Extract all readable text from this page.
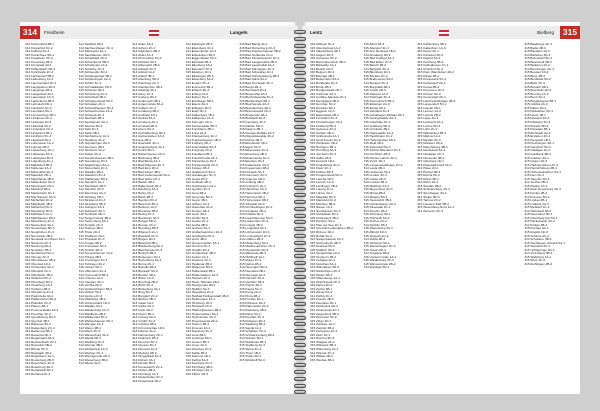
314	Friedheim	Langeln
314 Kirchenfeld 3B-1
314 Klosterhof 4C-2
314 Kolberg 2A-3
315 Kranichsee 5D-1
314 Krautheim 3C-4
314 Kreuzweg 2B-2
314 Kronstadt 4A-1
315 Kühlenbach 3D-3
314 Kuhnheide 2C-4
314 Lachendorf 5B-2
314 Ladenberg 1A-3
314 Lammersfeld 3C-1
315 Landgraben 4D-2
314 Langenau 2B-4
314 Langenfeld 3A-1
314 Lauenstein 1C-3
314 Laufenberg 4B-2
315 Lehmkuhl 2D-1
314 Lehrbach 3C-3
314 Leimbach 5A-4
314 Lerchenberg 2B-1
314 Lichtenau 4C-2
315 Liebenau 1D-3
314 Lilienthal 3A-2
314 Lindenfels 2C-4
314 Lindenhof 4B-1
314 Lindholm 5C-3
315 Lippstadt 3D-2
314 Lobenstein 1A-4
314 Lohmar 2B-3
314 Löwenberg 4C-1
314 Lübbenau 3A-2
315 Ludwigsau 5D-4
314 Lütjenburg 2C-1
314 Mahlsdorf 3B-3
314 Marienau 1A-2
314 Marienthal 4C-4
315 Markdorf 2D-1
314 Marktheide 3B-2
314 Mattenbach 5A-3
314 Meerbusch 2C-1
314 Meisdorf 4B-4
315 Mellenbach 1D-2
314 Merzhausen 3A-3
314 Michelfeld 2C-2
314 Mittelbach 4B-1
314 Möllenhof 5C-4
315 Moosburg 3D-3
314 Mühlbach 1A-1
314 Mühlhausen 2B-4
314 Münchberg 4C-2
314 Nassenfels 3A-1
315 Neuenhaus 5D-3
314 Neukirchen 2C-2
314 Neumühle 3B-4
314 Neustadt am Rhein 1A-1
314 Niederau 4C-3
315 Nienburg 2D-2
314 Nordhorn 3B-1
314 Nordstrand 5A-4
314 Oberau 2C-3
314 Oberhausen 4B-2
315 Oberried 1D-1
314 Ochsenfurt 3A-4
314 Oderwitz 2C-1
314 Offenbach 4B-3
314 Oldenhof 5C-2
315 Ortenberg 3D-1
314 Osterburg 1A-3
314 Ostheim 2B-2
314 Ottersberg 4C-4
314 Paulinzella 3A-1
315 Pfaffenhofen 5D-2
314 Pfalzdorf 2C-3
314 Plauen 3B-1
314 Pommersfelde 1A-4
314 Prenzlau 4C-2
315 Quedlinburg 2D-3
314 Querfurt 3B-1
314 Rabenau 5A-2
314 Rastenberg 2C-4
314 Rathenow 4B-1
315 Rauental 1D-3
314 Regenstauf 3A-2
314 Reichenbach 2C-1
314 Reinsdorf 4B-4
314 Rhede 5C-3
315 Riedstadt 3D-2
314 Ringelheim 1A-1
314 Rodenberg 2B-3
314 Rosenheim 4C-2
314 Rotenburg 3A-4
315 Rudolstadt 5D-1
314 Ruhland 2C-3
314 Saalfeld 1B-2
314 Sachsenhagen 3C-4
314 Salzwedel 2A-1
315 Sandhausen 4D-3
314 Schafstädt 3C-2
314 Scharnhorst 5B-4
314 Schellerten 1A-1
314 Schierke 2C-3
315 Schkeuditz 4D-2
314 Schlangenbad 3B-1
314 Schleusingen 2A-4
314 Schlitz 4C-2
314 Schmalkalden 1B-3
315 Schönau 3D-1
314 Schönberg 2C-4
314 Schönfeld 4B-2
314 Schöppenstedt 5A-3
314 Schwaan 2C-1
315 Schwabhausen 3D-4
314 Schwarzenbek 1A-2
314 Schwedt 4C-3
314 Seebach 2B-1
314 Seehausen 3A-4
315 Seelow 5D-2
314 Selb 2C-3
314 Sellin 3B-1
314 Senftenberg 1A-4
314 Siegburg 4C-2
315 Sigmaringen 2D-3
314 Simmern 3B-1
314 Sinsheim 5A-2
314 Soltau 2C-4
314 Sondershausen 4B-1
315 Sonneberg 1D-3
314 Spaichingen 3A-2
314 Spremberg 2C-1
314 Stadtilm 4B-4
314 Stadtlohn 5C-3
315 Staffelstein 3D-2
314 Steinach 1A-1
314 Steinbach 2B-3
314 Steinfurt 4C-2
314 Sternberg 3A-4
315 Stolberg 5D-1
314 Stralsund 2C-3
314 Strasburg 3B-2
314 Sulingen 1A-3
314 Sulzbach 4C-1
315 Tambach 2D-4
314 Tangermünde 3B-2
314 Tannenberg 5A-1
314 Templin 2C-3
314 Teterow 4B-2
315 Thale 1D-4
314 Thalheim 3A-1
314 Tharandt 2C-3
314 Torgau 4B-2
314 Traunstein 5C-1
315 Treffurt 3D-4
314 Treuenbrietzen 1A-2
314 Triberg 2B-1
314 Trossingen 4C-3
314 Tübingen 3A-2
315 Uelzen 5D-1
314 Uffenheim 2C-4
314 Ummendorf 3B-2
314 Unterau 1A-3
314 Usedom 4C-1
315 Vechta 2D-4
314 Veitshöchheim 3B-2
314 Velbert 5A-1
314 Verden 2C-3
314 Vilsbiburg 4B-2
315 Vohenstrauß 1D-4
314 Waldau 3A-1
314 Waldenburg 2C-3
314 Waldheim 4B-2
314 Walkenried 5C-1
315 Waltershausen 3D-4
314 Wangen 1A-2
314 Waren 2B-1
314 Warin 4C-3
314 Wasserburg 3A-2
315 Weida 5D-1
314 Weilburg 2C-4
314 Weimar 3B-2
314 Weißenfels 1A-3
314 Werben 4C-1
315 Wernigerode 2D-4
314 Wesenberg 3B-2
314 Wiehe 5A-1
314 Aalen 3A-2
314 Achern 2C-1
314 Adelsheim 4B-3
314 Ahlen 1A-4
314 Ahrensburg 5C-2
315 Aichach 3D-1
314 Albersdorf 2B-3
314 Allstedt 4C-4
314 Alsfeld 1A-2
314 Altdorf 3B-1
315 Altenberg 5D-3
314 Altenburg 2C-2
314 Altenkirchen 4B-4
314 Altötting 3A-1
314 Alzey 1C-3
315 Amberg 2D-2
314 Andernach 3B-1
314 Angermünde 5A-4
314 Anklam 2C-3
314 Annaberg 4B-2
315 Ansbach 1D-1
314 Apolda 3A-4
314 Arnsberg 2C-1
314 Arnstadt 4B-3
314 Artern 5C-2
315 Aschaffenburg 3D-1
314 Aschersleben 1A-3
314 Aue 2B-2
314 Auerbach 4C-4
314 Augustusburg 3A-1
315 Aurich 5D-3
314 Babenhausen 2C-2
314 Backnang 3B-4
314 Bad Berka 1A-1
314 Bad Doberan 4C-3
315 Bad Ems 2D-2
314 Bad Kösen 3B-1
314 Bad Liebenwerda 5A-4
314 Bad Sülze 2C-3
314 Baden 4B-2
315 Ballenstedt 1D-1
314 Bamberg 3A-4
314 Barby 2C-1
314 Barth 4B-3
314 Bautzen 5C-2
315 Bayreuth 3D-1
314 Beckum 1A-3
314 Beeskow 2B-2
314 Belzig 4C-4
314 Bensheim 3A-1
315 Bergen 5D-3
314 Bernau 2C-2
314 Bernburg 3B-4
314 Biberach 1A-1
314 Bielefeld 4C-3
315 Bingen 2D-2
314 Bitterfeld 3B-1
314 Blankenburg 5A-4
314 Bleicherode 2C-3
314 Bocholt 4B-2
315 Bockenem 1D-1
314 Boizenburg 3A-4
314 Borna 2C-1
314 Brandis 4B-3
314 Breisach 5C-2
315 Bretten 3D-1
314 Brilon 1A-3
314 Bruchsal 2B-2
314 Brühl 4C-4
314 Bückeburg 3A-1
315 Burg 5D-3
314 Burgdorf 2C-2
314 Bützow 3B-4
314 Calau 1A-1
314 Calbe 4C-3
315 Celle 2D-2
314 Cham 3B-1
314 Coburg 5A-4
314 Colditz 2C-3
314 Cottbus 4B-2
315 Crimmitschau 1D-1
314 Dahme 3A-4
314 Dannenberg 2C-1
314 Delitzsch 4B-3
314 Demmin 5C-2
315 Dessau 3D-1
314 Detmold 1A-3
314 Dieburg 2B-2
314 Dingelstädt 4C-4
314 Döbeln 3A-1
315 Dömitz 5D-3
314 Donauwörth 2C-2
314 Dorfen 3B-4
314 Dornburg 1A-1
314 Dudenhofen 4C-3
315 Duderstadt 2D-2
314 Eberbach 2B-3
314 Ebersberg 4C-1
314 Eckernförde 1A-4
315 Edenkoben 3D-2
314 Eggenfelden 5C-1
314 Eichstätt 2B-3
314 Eilenburg 4A-2
314 Eisenach 3C-4
315 Eisleben 1D-1
314 Ellwangen 2B-3
314 Elsterberg 5A-2
314 Emden 3C-4
314 Emmerich 4B-1
315 Erbach 2D-3
314 Erding 1A-2
314 Erkner 3C-4
314 Eschwege 5B-1
314 Esens 2A-3
315 Ettlingen 4D-2
314 Eutin 3C-4
314 Falkenberg 1B-1
314 Falkensee 2A-3
314 Fehmarn 4C-2
315 Finsterwalde 5D-4
314 Forchheim 3B-1
314 Forst 2A-3
314 Frankenberg 4C-2
314 Frankenhausen 1B-4
315 Freiberg 3D-1
314 Freienwalde 5A-3
314 Freyburg 2C-2
314 Friedland 4B-4
314 Friedrichroda 3A-1
315 Fürstenberg 1D-3
314 Fürstenwalde 2C-2
314 Füssen 4B-4
314 Gadebusch 5A-1
314 Gardelegen 3C-3
315 Geisa 2D-2
314 Geithain 4B-4
314 Gelnhausen 1A-1
314 Genthin 3C-3
314 Gera 2B-2
315 Gernrode 5D-4
314 Geyer 3B-1
314 Gifhorn 2A-3
314 Glauchau 4C-2
314 Gnoien 1B-4
315 Goch 3D-1
314 Görlitz 5A-3
314 Goslar 2C-2
314 Gotha 4B-4
314 Grabow 3A-1
315 Gräfenhainichen 1D-3
314 Greifswald 2C-2
314 Greiz 4B-4
314 Grevesmühlen 5A-1
314 Grimma 3C-3
315 Gröditz 2D-2
314 Großenhain 4B-4
314 Guben 1A-1
314 Güstrow 3C-3
314 Hadamar 2B-2
315 Hagenow 5D-4
314 Halberstadt 3B-1
314 Haldensleben 2A-3
314 Hameln 4C-2
314 Hann. Münden 1B-4
315 Harzgerode 3D-1
314 Haßfurt 5A-3
314 Havelberg 2C-2
314 Heilbad Heiligenstadt 4B-4
314 Heldrungen 3A-1
315 Herzberg 1D-3
314 Hettstedt 2C-2
314 Hildburghausen 4B-4
314 Hohenmölsen 5A-1
314 Holzminden 3C-3
315 Hoyerswerda 2D-2
314 Husum 4B-4
314 Ilmenau 1A-1
314 Ilsenburg 3C-3
314 Jena 2B-2
315 Jerichow 5D-4
314 Jessen 3B-1
314 Jever 2A-3
314 Jüterbog 4C-2
314 Kahla 1B-4
315 Kamenz 3D-1
314 Kelbra 5A-3
314 Kemberg 2C-2
314 Kirchberg 4B-4
314 Kitzingen 3A-1
315 Klötze 1D-3
315 Bad Belzig 4A-1
315 Bad Dürrenberg 2C-3
315 Bad Frankenhausen 5B-2
314 Bad Gottleuba 1A-4
315 Bad Klosterlausnitz 3C-1
315 Bad Langensalza 2B-3
315 Bad Lauchstädt 4A-2
314 Bad Salzungen 3C-4
315 Bad Schandau 1D-1
315 Bad Schmiedeberg 2B-3
315 Bad Sulza 5A-2
314 Bad Tennstedt 3C-4
315 Berga 4B-1
315 Bernstadt 2D-3
315 Biesenthal 1A-2
314 Bischofswerda 3C-4
315 Blankenhain 5B-1
315 Bleicherode 2A-3
315 Brandenburg 4D-2
314 Braunsbedra 3C-4
315 Brotterode 1B-1
315 Buttstädt 2A-3
315 Camburg 4C-2
314 Dahlen 5D-4
315 Dargun 3B-1
315 Dessau-Roßlau 2A-3
315 Dippoldiswalde 4C-2
314 Dohna 1B-4
315 Ebersbach 3D-1
315 Egeln 5A-3
315 Eibenstock 2C-2
314 Eisenberg 4B-4
315 Elsterwerda 3A-1
315 Elterlein 1D-3
315 Falkenstein 2C-2
314 Frauenstein 4B-4
315 Friesack 5A-1
315 Gommern 3C-3
315 Gransee 2D-2
314 Gröbzig 4B-4
315 Groitzsch 1A-1
315 Hainichen 3C-3
315 Hartenstein 2B-2
314 Herrnhut 5D-4
315 Hohenstein 3B-1
315 Jöhstadt 2A-3
315 Kirchheilingen 4C-2
314 Königsee 1B-4
315 Kölleda 3D-1
315 Lauchhammer 5A-3
315 Lauterstein 2C-2
314 Leisnig 4B-4
315 Lengefeld 3A-1
315 Lichtenstein 1D-3
315 Lommatzsch 2C-2
314 Lübben 4B-4
315 Marienberg 5A-1
315 Markneukirchen 3C-3
315 Meuselwitz 2D-2
314 Mittweida 4B-4
315 Mühltroff 1A-1
315 Mylau 3C-3
315 Nebra 2B-2
314 Neuruppin 5D-4
315 Neusalza 3B-1
315 Niemegk 2A-3
315 Oelsnitz 4C-2
314 Oschatz 1B-4
315 Ostritz 3D-1
315 Pausa 5A-3
315 Penig 2C-2
314 Pirna 4B-4
315 Pockau 3A-1
315 Pößneck 1D-3
315 Rabenstein 2C-2
314 Radeberg 4B-4
315 Ranis 5A-1
315 Rochlitz 3C-3
315 Roßwein 2D-2
314 Saalburg 4B-4
315 Sayda 1A-1
315 Schkölen 3C-3
315 Schwarzenberg 2B-2
314 Sebnitz 5D-4
315 Stadtroda 3B-1
315 Stollberg 2A-3
315 Tanna 4C-2
314 Thum 1B-4
315 Triptis 3D-1
315 Wilsdruff 5A-3
Lentz	Bielberg	315
315 Ahlbeck 3C-2
315 Altentreptow 1A-4
315 Altlandsberg 4B-1
314 Angern 2D-3
315 Arendsee 5C-2
315 Bad Liebenstein 3B-4
315 Bärwalde 1A-1
314 Beelitz 2C-3
315 Belgern 4D-2
315 Bismark 3B-1
315 Bobenheim 5A-4
314 Borkheide 2C-3
315 Brück 4B-2
315 Burgkunstadt 1D-1
315 Calvörde 3A-4
314 Cottbus-Sandow 2C-1
315 Dannigkow 4B-3
315 Dornhan 5C-2
315 Drebkau 3D-1
314 Eggesin 1A-3
315 Elsterheide 2B-2
315 Ferchland 4C-4
315 Finsterbergen 3A-1
314 Frohburg 5D-3
315 Gebesee 2C-2
315 Golßen 3B-4
315 Gräfenroda 1A-1
314 Groß Kreutz 4C-3
315 Harsleben 2D-2
315 Heringen 3B-1
315 Hornburg 5A-4
314 Jerxheim 2C-3
315 Kalbe 4B-2
315 Kemnitz 1D-1
315 Kindelbrück 3A-4
314 Klietz 2C-1
315 Köthen 4B-3
315 Kroppenstedt 5C-2
315 Laucha 3D-1
314 Lenzen 1A-3
315 Letzlingen 2B-2
315 Loburg 4C-4
315 Lützen 3A-1
314 Magdala 5D-3
315 Mansfeld 2C-2
315 Mücheln 3B-4
315 Nauen 1A-1
314 Nordhausen 4C-3
315 Oebisfelde 2D-2
315 Osterwieck 3B-1
315 Parchim 5A-4
314 Plau am See 2C-3
315 Querfurt-Lodersleben 4B-2
315 Rhinow 1D-1
315 Roßla 3A-4
314 Sangerhausen 2C-1
315 Schönebeck 4B-3
315 Seeland 5C-2
315 Staßfurt 3D-1
314 Tangerhütte 1A-3
315 Teuchern 2B-2
315 Uebigau 4C-4
315 Vetschau 3A-1
314 Wanzleben 5D-3
315 Weferlingen 2C-2
315 Wettin 3B-4
315 Wittenberge 1A-1
314 Wolmirstedt 4C-3
315 Zahna 2D-2
315 Zerbst 3B-1
315 Ziesar 5A-4
314 Zörbig 2C-3
315 Zossen 4B-2
315 Zwenkau 1D-1
315 Zehdenick 3A-4
314 Zeulenroda 2C-1
315 Ziegenrück 4B-3
315 Zinnowitz 5C-2
315 Zittau 3D-1
314 Zwickau 1A-3
315 Zwönitz 2B-2
315 Zschopau 4C-4
315 Zeitz 3A-1
314 Wurzen 5D-3
315 Wolgast 2C-2
315 Wittstock 3B-4
315 Wittenberg 1A-1
314 Wismar 4C-3
315 Wilkau 2D-2
315 Werdau 3B-1
315 Adorf 2A-3
315 Allendorf 4C-1
315 Amt Neuhaus 1B-4
314 Annaburg 3D-2
315 Bad Colberg 5A-1
315 Bad Elster 2C-3
315 Baruth 4B-2
314 Bergwitz 3A-4
315 Blumberg 1D-1
315 Bockau 2C-3
315 Brahmenau 5A-2
314 Buckow 3C-4
315 Burgstädt 4B-1
315 Crivitz 2D-3
315 Dassow 1A-2
314 Dobrilugk 3C-4
315 Dommitzsch 5B-1
315 Eilsleben 2A-3
315 Elsnig 4D-2
314 Fahrland 3C-4
315 Gardelegen-Zichtau 1B-1
315 Geringswalde 2A-3
315 Glashütte 4C-2
314 Goldberg 5D-4
315 Grünhain 3B-1
315 Hainewalde 2A-3
315 Hecklingen 4C-2
314 Hohenleuben 1B-4
315 Ilfeld 3D-1
315 Jahnsdorf 5A-3
315 Kelbra-Sittendorf 2C-2
314 Kirchhain 4B-4
315 Kloster Lehnin 3A-1
315 Kyritz 1D-3
315 Langenweddingen 2C-2
314 Lauta 4B-4
315 Lieberose 5A-1
315 Lindow 3C-3
315 Löbau 2D-2
314 Luckau 4B-4
315 Malchow 1A-1
315 Meyenburg 3C-3
315 Mirow 2B-2
314 Mügeln 5D-4
315 Neustrelitz 3B-1
315 Oranienbaum 2A-3
315 Pasewalk 4C-2
314 Penzlin 1B-4
315 Perleberg 3D-1
315 Pritzwalk 5A-3
315 Putbus 2C-2
314 Rechlin 4B-4
315 Rheinsberg 3A-1
315 Ribnitz 1D-3
315 Rostock 2C-2
314 Ruhla 4B-4
315 Schwerin 5A-1
315 Stavenhagen 3C-3
315 Tessin 2D-2
314 Torgelow 4B-4
315 Ueckermünde 1A-1
315 Waldenburg 3C-3
315 Warnemünde 2B-2
314 Woldegk 5D-4
315 Kahlenberg 3B-2
315 Kaltenborn 1A-4
315 Kamp 4C-1
314 Karlsdorf 2D-3
315 Kastorf 5A-2
315 Kehrberg 3B-4
315 Kellinghusen 1C-1
314 Kirchdorf 2A-3
315 Klein Wanzleben 4D-2
315 Klinge 3B-1
315 Knesebeck 5C-4
314 Kobelsdorf 2A-3
315 Kossa 4B-2
315 Kremmen 1D-1
315 Kühren 3A-4
314 Kunersdorf 2C-1
315 Lambrechtshagen 4B-3
315 Langendorf 5C-2
315 Lassan 3D-1
314 Leezen 1A-3
315 Lehnitz 2B-2
315 Liepe 4C-4
315 Lindstedt 3A-1
314 Lohme 5D-3
315 Lübz 2C-2
315 Mahlwinkel 3B-4
315 Marlow 1A-1
314 Mestlin 4C-3
315 Möckern 2D-2
315 Müncheberg 3B-1
315 Neubukow 5A-4
314 Neukalen 2C-3
315 Nossentin 4B-2
315 Oderberg 1D-1
315 Pasewalk-Nord 3A-4
314 Plaue 2C-1
315 Prötzel 4B-3
315 Rehna 5C-2
315 Röbel 3D-1
314 Rühn 1A-3
315 Sandau 2B-2
315 Schwaneberg 4C-4
315 Sternhagen 3A-1
314 Stolpe 5D-3
315 Tarnow 2C-2
315 Usedom-Süd 3B-4
315 Wesenberg-Nord 1A-1
314 Zarrentin 4C-3
315 Baalberge 2C-1
315 Badel 4B-3
315 Bandelin 1A-2
314 Barleben 3D-4
315 Behnsdorf 5C-1
315 Beierstedt 2B-3
315 Belleben 4A-2
314 Bennungen 3C-4
315 Beuster 1D-1
315 Biere 2B-3
315 Bindfelde 5A-2
314 Blätz 3C-4
315 Bösdorf 4B-1
315 Brachwitz 2D-3
315 Brumby 1A-2
314 Buch 3C-4
315 Burgliebenau 5B-1
315 Cobbel 2A-3
315 Dähre 4D-2
314 Dedeleben 3C-4
315 Deetz 1B-1
315 Diesdorf 2A-3
315 Döbbelin 4C-2
314 Drewitz 5D-4
315 Düsedau 3B-1
315 Eichstedt 2A-3
315 Erxleben 4C-2
314 Fienstedt 1B-4
315 Flechtingen 3D-1
315 Gerwisch 5A-3
315 Gladigau 2C-2
314 Goldbeck 4B-4
315 Grieben 3A-1
315 Güsen 1D-3
315 Hadmersleben 2C-2
314 Heinrichsberg 4B-4
315 Hohenwarsleben 5A-1
315 Iden 3C-3
315 Jävenitz 2D-2
314 Jerchel 4B-4
315 Kläden 1A-1
315 Klein Rosenburg 3C-3
315 Köckte 2B-2
314 Krevese 5D-4
315 Lindau 3B-1
315 Lüderitz 2A-3
315 Meßdorf 4C-2
314 Nahrstedt 1B-4
315 Neuendorf 3D-1
315 Osterburg-Ost 5A-3
315 Packebusch 2C-2
314 Polkau 4B-4
315 Rochau 3A-1
315 Rogätz 1D-3
315 Schinne 2C-2
314 Schollene 4B-4
315 Seehausen-Altmark 5A-1
315 Steinfeld 3C-3
315 Uchtspringe 2D-2
314 Vinzelberg 4B-4
315 Wahrburg 1A-1
315 Wust 3C-3
315 Zethlingen 2B-2
